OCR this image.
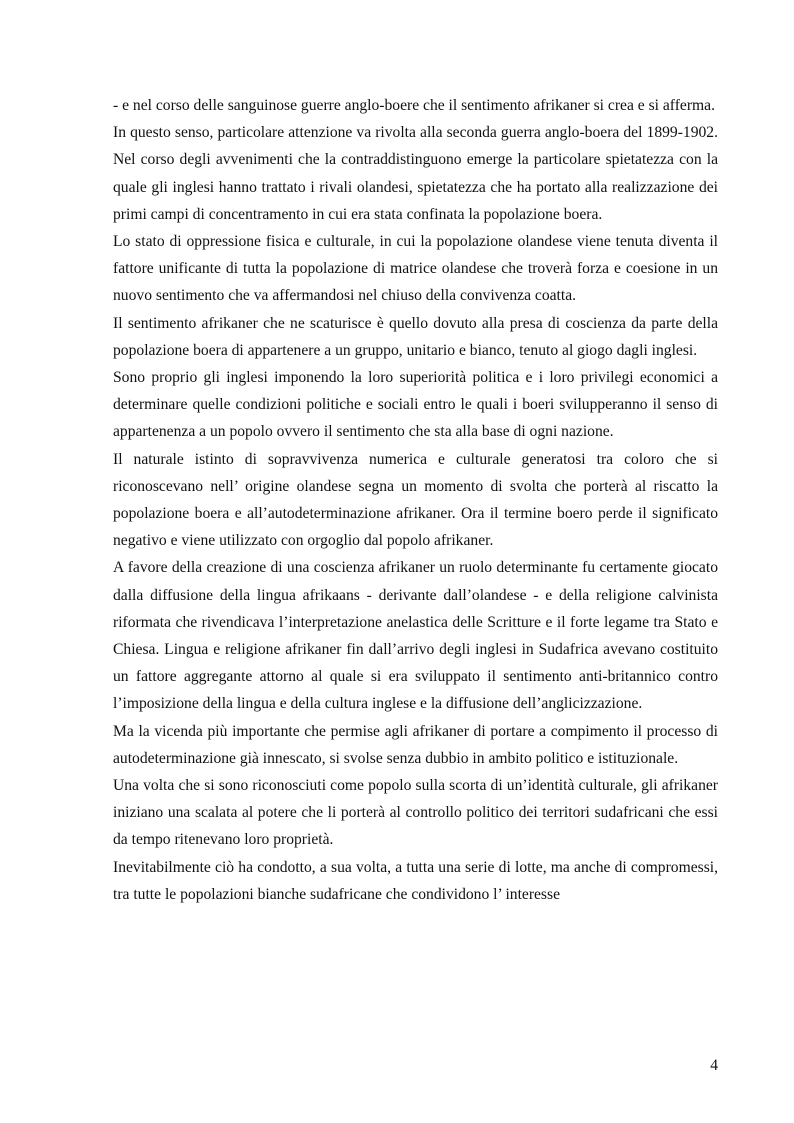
- e nel corso delle sanguinose guerre anglo-boere che il sentimento afrikaner si crea e si afferma.

In questo senso, particolare attenzione va rivolta alla seconda guerra anglo-boera del 1899-1902. Nel corso degli avvenimenti che la contraddistinguono emerge la particolare spietatezza con la quale gli inglesi hanno trattato i rivali olandesi, spietatezza che ha portato alla realizzazione dei primi campi di concentramento in cui era stata confinata la popolazione boera.

Lo stato di oppressione fisica e culturale, in cui la popolazione olandese viene tenuta diventa il fattore unificante di tutta la popolazione di matrice olandese che troverà forza e coesione in un nuovo sentimento che va affermandosi nel chiuso della convivenza coatta.

Il sentimento afrikaner che ne scaturisce è quello dovuto alla presa di coscienza da parte della popolazione boera di appartenere a un gruppo, unitario e bianco, tenuto al giogo dagli inglesi.

Sono proprio gli inglesi imponendo la loro superiorità politica e i loro privilegi economici a determinare quelle condizioni politiche e sociali entro le quali i boeri svilupperanno il senso di appartenenza a un popolo ovvero il sentimento che sta alla base di ogni nazione.

Il naturale istinto di sopravvivenza numerica e culturale generatosi tra coloro che si riconoscevano nell’ origine olandese segna un momento di svolta che porterà al riscatto la popolazione boera e all’autodeterminazione afrikaner. Ora il termine boero perde il significato negativo e viene utilizzato con orgoglio dal popolo afrikaner.

A favore della creazione di una coscienza afrikaner un ruolo determinante fu certamente giocato dalla diffusione della lingua afrikaans - derivante dall’olandese - e della religione calvinista riformata che rivendicava l’interpretazione anelastica delle Scritture e il forte legame tra Stato e Chiesa. Lingua e religione afrikaner fin dall’arrivo degli inglesi in Sudafrica avevano costituito un fattore aggregante attorno al quale si era sviluppato il sentimento anti-britannico contro l’imposizione della lingua e della cultura inglese e la diffusione dell’anglicizzazione.

Ma la vicenda più importante che permise agli afrikaner di portare a compimento il processo di autodeterminazione già innescato, si svolse senza dubbio in ambito politico e istituzionale.

Una volta che si sono riconosciuti come popolo sulla scorta di un’identità culturale, gli afrikaner iniziano una scalata al potere che li porterà al controllo politico dei territori sudafricani che essi da tempo ritenevano loro proprietà.

Inevitabilmente ciò ha condotto, a sua volta, a tutta una serie di lotte, ma anche di compromessi, tra tutte le popolazioni bianche sudafricane che condividono l’ interesse

4
